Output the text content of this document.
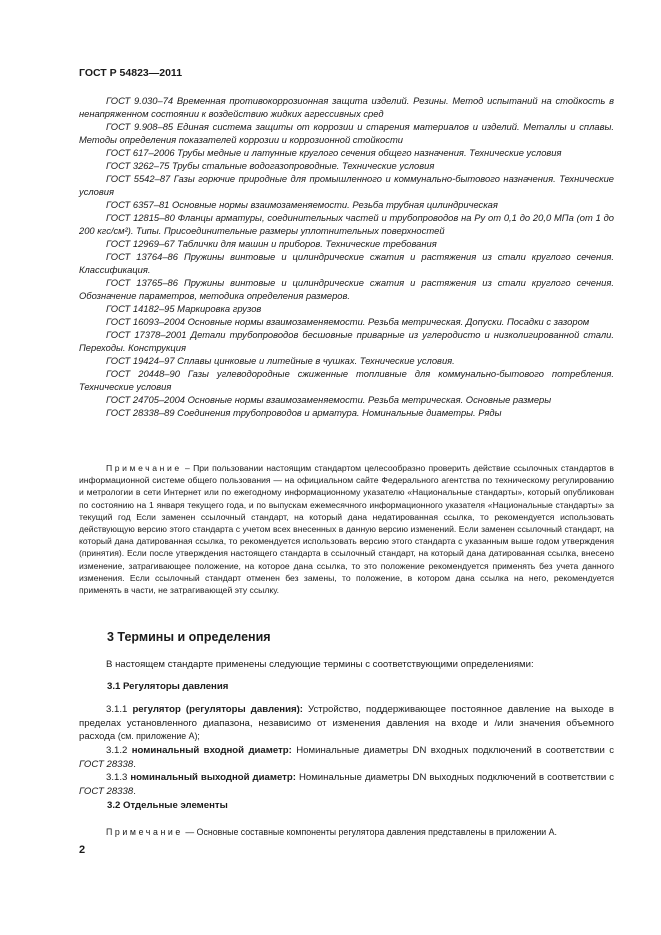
ГОСТ Р 54823—2011

ГОСТ 9.030–74 Временная противокоррозионная защита изделий. Резины. Метод испытаний на стойкость в ненапряженном состоянии к воздействию жидких агрессивных сред

ГОСТ 9.908–85 Единая система защиты от коррозии и старения материалов и изделий. Металлы и сплавы. Методы определения показателей коррозии и коррозионной стойкости

ГОСТ 617–2006 Трубы медные и латунные круглого сечения общего назначения. Технические условия

ГОСТ 3262–75 Трубы стальные водогазопроводные. Технические условия

ГОСТ 5542–87 Газы горючие природные для промышленного и коммунально-бытового назначения. Технические условия

ГОСТ 6357–81 Основные нормы взаимозаменяемости. Резьба трубная цилиндрическая

ГОСТ 12815–80 Фланцы арматуры, соединительных частей и трубопроводов на Pу от 0,1 до 20,0 МПа (от 1 до 200 кгс/см²). Типы. Присоединительные размеры уплотнительных поверхностей

ГОСТ 12969–67 Таблички для машин и приборов. Технические требования

ГОСТ 13764–86 Пружины винтовые и цилиндрические сжатия и растяжения из стали круглого сечения. Классификация.

ГОСТ 13765–86 Пружины винтовые и цилиндрические сжатия и растяжения из стали круглого сечения. Обозначение параметров, методика определения размеров.

ГОСТ 14182–95 Маркировка грузов

ГОСТ 16093–2004 Основные нормы взаимозаменяемости. Резьба метрическая. Допуски. Посадки с зазором

ГОСТ 17378–2001 Детали трубопроводов бесшовные приварные из углеродисто и низколигированной стали. Переходы. Конструкция

ГОСТ 19424–97 Сплавы цинковые и литейные в чушках. Технические условия.

ГОСТ 20448–90 Газы углеводородные сжиженные топливные для коммунально-бытового потребления. Технические условия

ГОСТ 24705–2004 Основные нормы взаимозаменяемости. Резьба метрическая. Основные размеры

ГОСТ 28338–89 Соединения трубопроводов и арматура. Номинальные диаметры. Ряды

Примечание – При пользовании настоящим стандартом целесообразно проверить действие ссылочных стандартов в информационной системе общего пользования — на официальном сайте Федерального агентства по техническому регулированию и метрологии в сети Интернет или по ежегодному информационному указателю «Национальные стандарты», который опубликован по состоянию на 1 января текущего года, и по выпускам ежемесячного информационного указателя «Национальные стандарты» за текущий год Если заменен ссылочный стандарт, на который дана недатированная ссылка, то рекомендуется использовать действующую версию этого стандарта с учетом всех внесенных в данную версию изменений. Если заменен ссылочный стандарт, на который дана датированная ссылка, то рекомендуется использовать версию этого стандарта с указанным выше годом утверждения (принятия). Если после утверждения настоящего стандарта в ссылочный стандарт, на который дана датированная ссылка, внесено изменение, затрагивающее положение, на которое дана ссылка, то это положение рекомендуется применять без учета данного изменения. Если ссылочный стандарт отменен без замены, то положение, в котором дана ссылка на него, рекомендуется применять в части, не затрагивающей эту ссылку.

3 Термины и определения

В настоящем стандарте применены следующие термины с соответствующими определениями:

3.1 Регуляторы давления

3.1.1 регулятор (регуляторы давления): Устройство, поддерживающее постоянное давление на выходе в пределах установленного диапазона, независимо от изменения давления на входе и /или значения объемного расхода (см. приложение А);

3.1.2 номинальный входной диаметр: Номинальные диаметры DN входных подключений в соответствии с ГОСТ 28338.

3.1.3 номинальный выходной диаметр: Номинальные диаметры DN выходных подключений в соответствии с ГОСТ 28338.

3.2 Отдельные элементы

Примечание — Основные составные компоненты регулятора давления представлены в приложении А.

2
